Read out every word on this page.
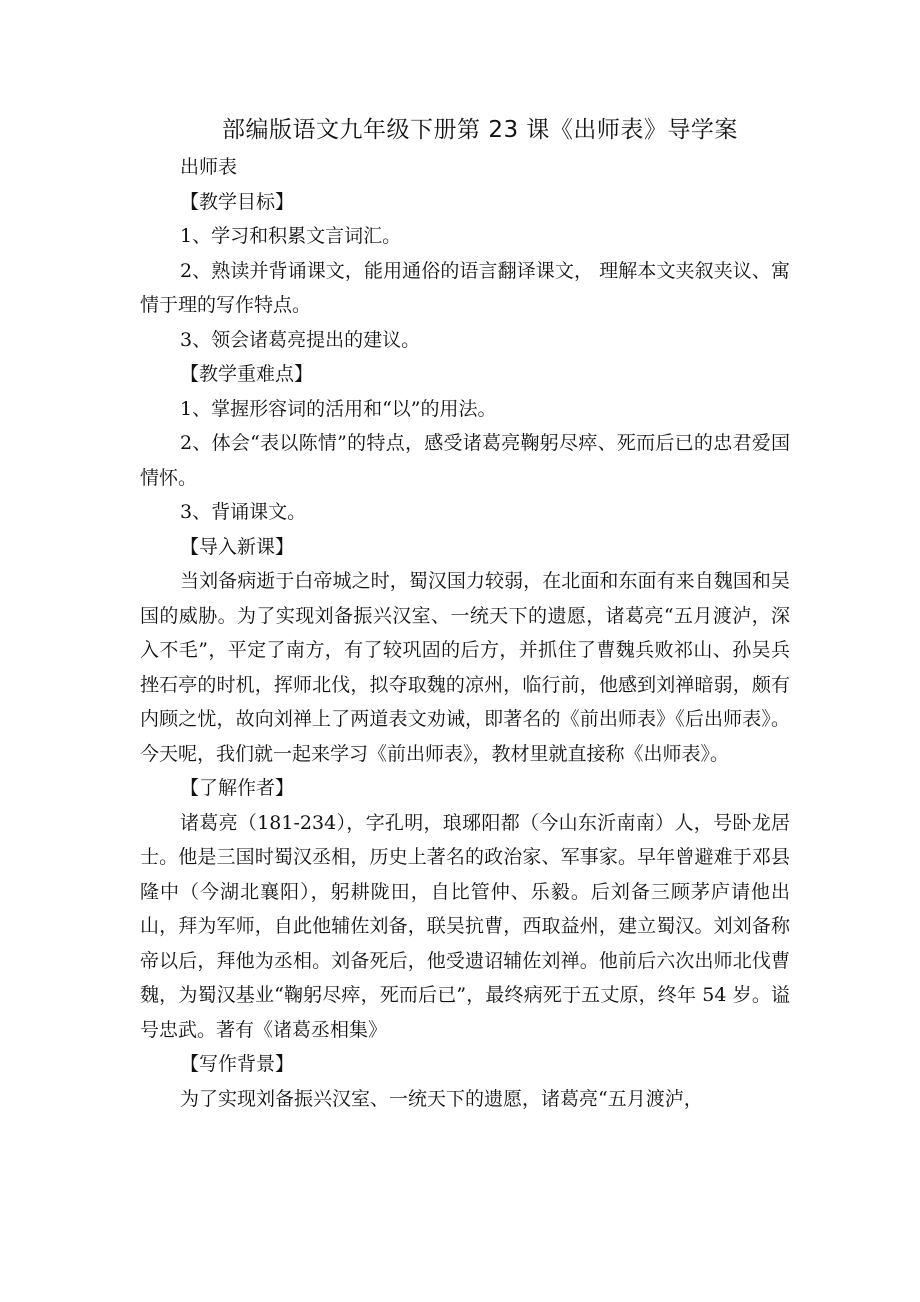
部编版语文九年级下册第 23 课《出师表》导学案

出师表

【教学目标】

1、学习和积累文言词汇。

2、熟读并背诵课文，能用通俗的语言翻译课文， 理解本文夹叙夹议、寓情于理的写作特点。

3、领会诸葛亮提出的建议。

【教学重难点】

1、掌握形容词的活用和“以”的用法。

2、体会“表以陈情”的特点，感受诸葛亮鞠躬尽瘁、死而后已的忠君爱国情怀。

3、背诵课文。

【导入新课】

当刘备病逝于白帝城之时，蜀汉国力较弱，在北面和东面有来自魏国和吴国的威胁。为了实现刘备振兴汉室、一统天下的遗愿，诸葛亮“五月渡泸，深入不毛”，平定了南方，有了较巩固的后方，并抓住了曹魏兵败祁山、孙吴兵挫石亭的时机，挥师北伐，拟夺取魏的凉州，临行前，他感到刘禅暗弱，颇有内顾之忧，故向刘禅上了两道表文劝诫，即著名的《前出师表》《后出师表》。今天呢，我们就一起来学习《前出师表》，教材里就直接称《出师表》。

【了解作者】

诸葛亮（181-234），字孔明，琅琊阳都（今山东沂南南）人，号卧龙居士。他是三国时蜀汉丞相，历史上著名的政治家、军事家。早年曾避难于邓县隆中（今湖北襄阳），躬耕陇田，自比管仲、乐毅。后刘备三顾茅庐请他出山，拜为军师，自此他辅佐刘备，联吴抗曹，西取益州，建立蜀汉。刘刘备称帝以后，拜他为丞相。刘备死后，他受遗诏辅佐刘禅。他前后六次出师北伐曹魏，为蜀汉基业“鞠躬尽瘁，死而后已”，最终病死于五丈原，终年 54 岁。谥号忠武。著有《诸葛丞相集》

【写作背景】

为了实现刘备振兴汉室、一统天下的遗愿，诸葛亮“五月渡泸，
